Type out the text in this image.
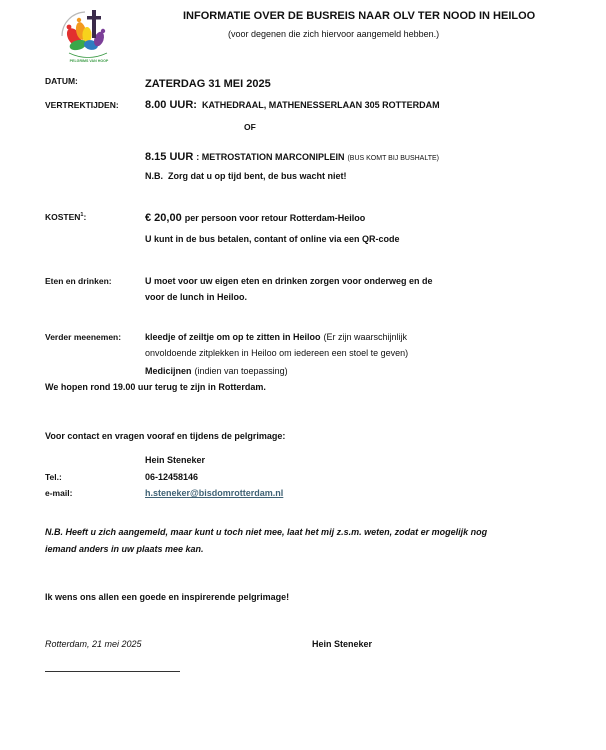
PELGRIMS VAN HOOP
INFORMATIE OVER DE BUSREIS NAAR OLV TER NOOD IN HEILOO
(voor degenen die zich hiervoor aangemeld hebben.)
DATUM:	ZATERDAG 31 MEI 2025
VERTREKTIJDEN: 8.00 UUR: KATHEDRAAL, MATHENESSERLAAN 305 ROTTERDAM
OF
8.15 UUR : METROSTATION MARCONIPLEIN (BUS KOMT BIJ BUSHALTE)
N.B.  Zorg dat u op tijd bent, de bus wacht niet!
KOSTEN$^1$:	€ 20,00 per persoon voor retour Rotterdam-Heiloo
U kunt in de bus betalen, contant of online via een QR-code
Eten en drinken:	U moet voor uw eigen eten en drinken zorgen voor onderweg en de
voor de lunch in Heiloo.
Verder meenemen:	kleedje of zeiltje om op te zitten in Heiloo (Er zijn waarschijnlijk
onvoldoende zitplekken in Heiloo om iedereen een stoel te geven)
Medicijnen (indien van toepassing)
We hopen rond 19.00 uur terug te zijn in Rotterdam.
Voor contact en vragen vooraf en tijdens de pelgrimage:
Hein Steneker
Tel.:	06-12458146
e-mail:	h.steneker@bisdomrotterdam.nl
N.B. Heeft u zich aangemeld, maar kunt u toch niet mee, laat het mij z.s.m. weten, zodat er mogelijk nog
iemand anders in uw plaats mee kan.
Ik wens ons allen een goede en inspirerende pelgrimage!
Rotterdam, 21 mei 2025	Hein Steneker
